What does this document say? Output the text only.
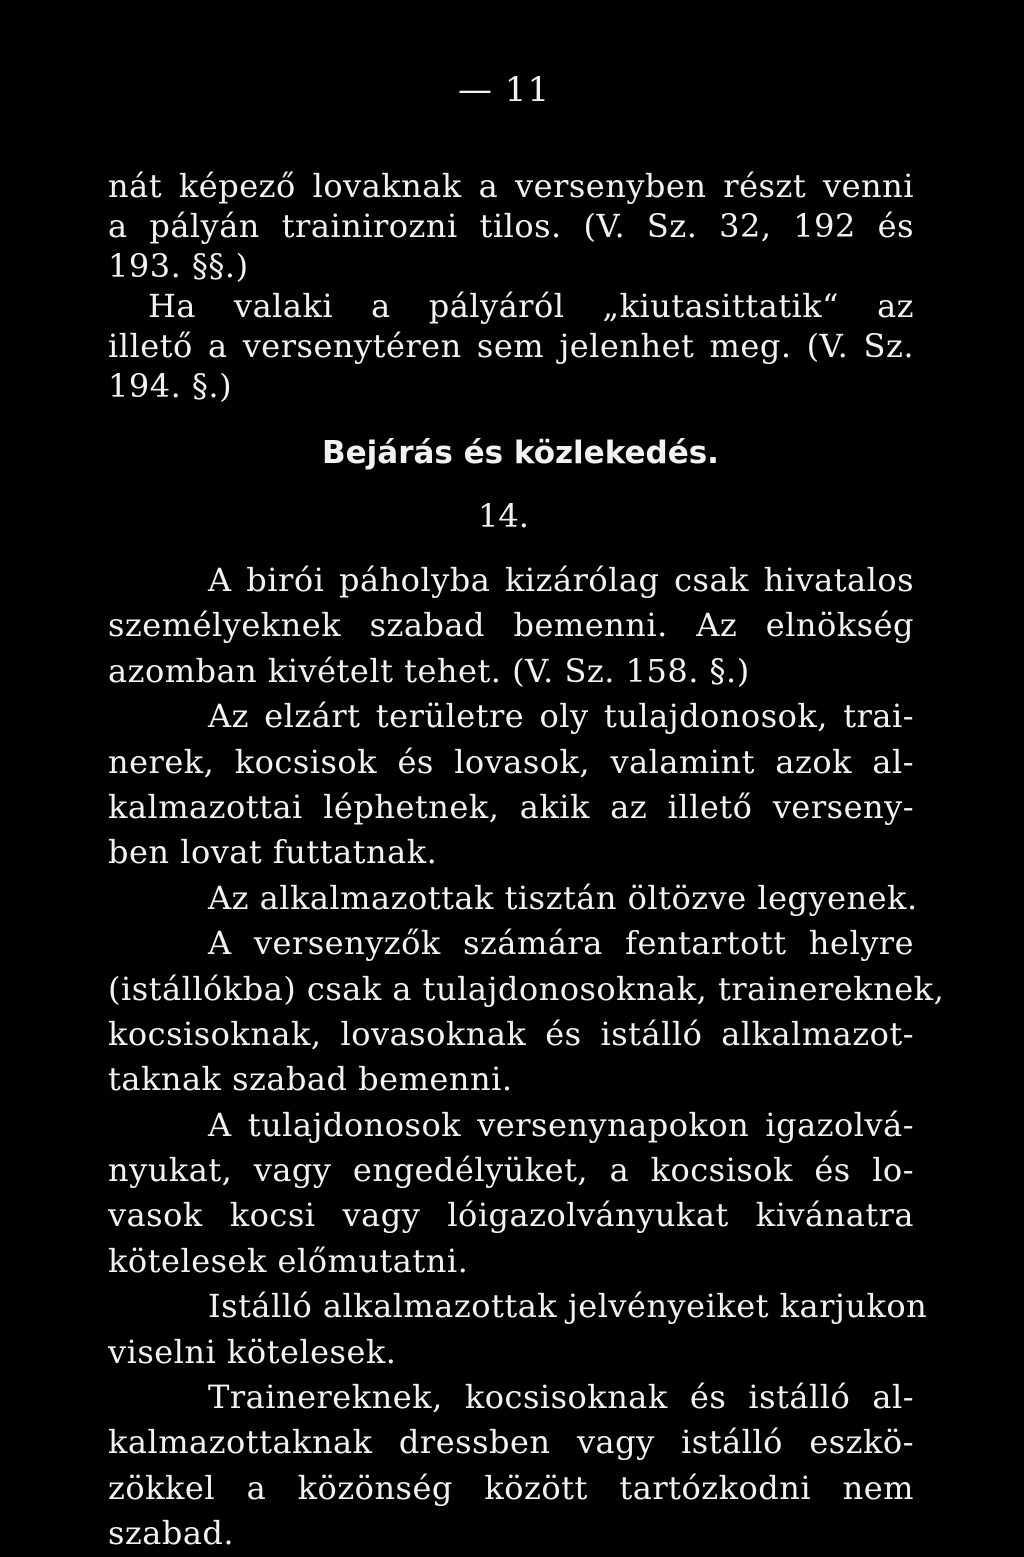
— 11
nát képező lovaknak a versenyben részt venni
a pályán trainirozni tilos. (V. Sz. 32, 192 és
193. §§.)
Ha valaki a pályáról „kiutasittatik“ az
illető a versenytéren sem jelenhet meg. (V. Sz.
194. §.)
Bejárás és közlekedés.
14.
A birói páholyba kizárólag csak hivatalos
személyeknek szabad bemenni. Az elnökség
azomban kivételt tehet. (V. Sz. 158. §.)
Az elzárt területre oly tulajdonosok, trai-
nerek, kocsisok és lovasok, valamint azok al-
kalmazottai léphetnek, akik az illető verseny-
ben lovat futtatnak.
Az alkalmazottak tisztán öltözve legyenek.
A versenyzők számára fentartott helyre
(istállókba) csak a tulajdonosoknak, trainereknek,
kocsisoknak, lovasoknak és istálló alkalmazot-
taknak szabad bemenni.
A tulajdonosok versenynapokon igazolvá-
nyukat, vagy engedélyüket, a kocsisok és lo-
vasok kocsi vagy lóigazolványukat kivánatra
kötelesek előmutatni.
Istálló alkalmazottak jelvényeiket karjukon
viselni kötelesek.
Trainereknek, kocsisoknak és istálló al-
kalmazottaknak dressben vagy istálló eszkö-
zökkel a közönség között tartózkodni nem
szabad.
